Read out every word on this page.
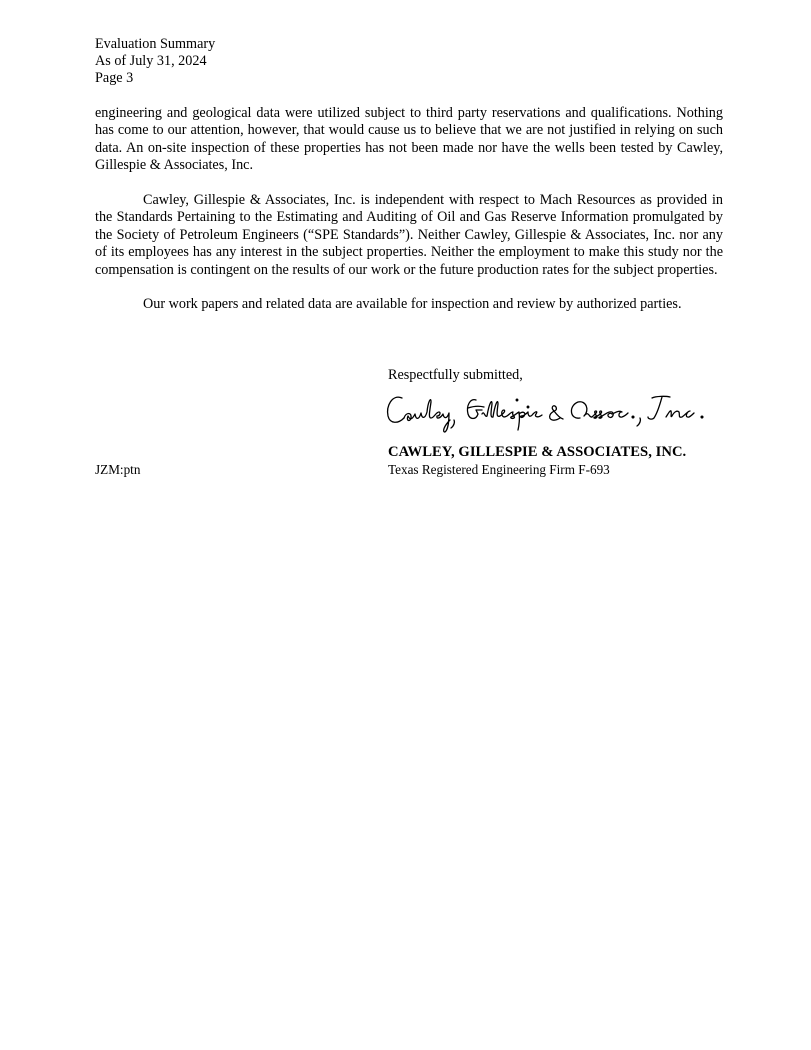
Evaluation Summary
As of July 31, 2024
Page 3

engineering and geological data were utilized subject to third party reservations and qualifications. Nothing has come to our attention, however, that would cause us to believe that we are not justified in relying on such data. An on-site inspection of these properties has not been made nor have the wells been tested by Cawley, Gillespie & Associates, Inc.

Cawley, Gillespie & Associates, Inc. is independent with respect to Mach Resources as provided in the Standards Pertaining to the Estimating and Auditing of Oil and Gas Reserve Information promulgated by the Society of Petroleum Engineers (“SPE Standards”). Neither Cawley, Gillespie & Associates, Inc. nor any of its employees has any interest in the subject properties. Neither the employment to make this study nor the compensation is contingent on the results of our work or the future production rates for the subject properties.

Our work papers and related data are available for inspection and review by authorized parties.

Respectfully submitted,
CAWLEY, GILLESPIE & ASSOCIATES, INC.
JZM:ptn	Texas Registered Engineering Firm F-693
